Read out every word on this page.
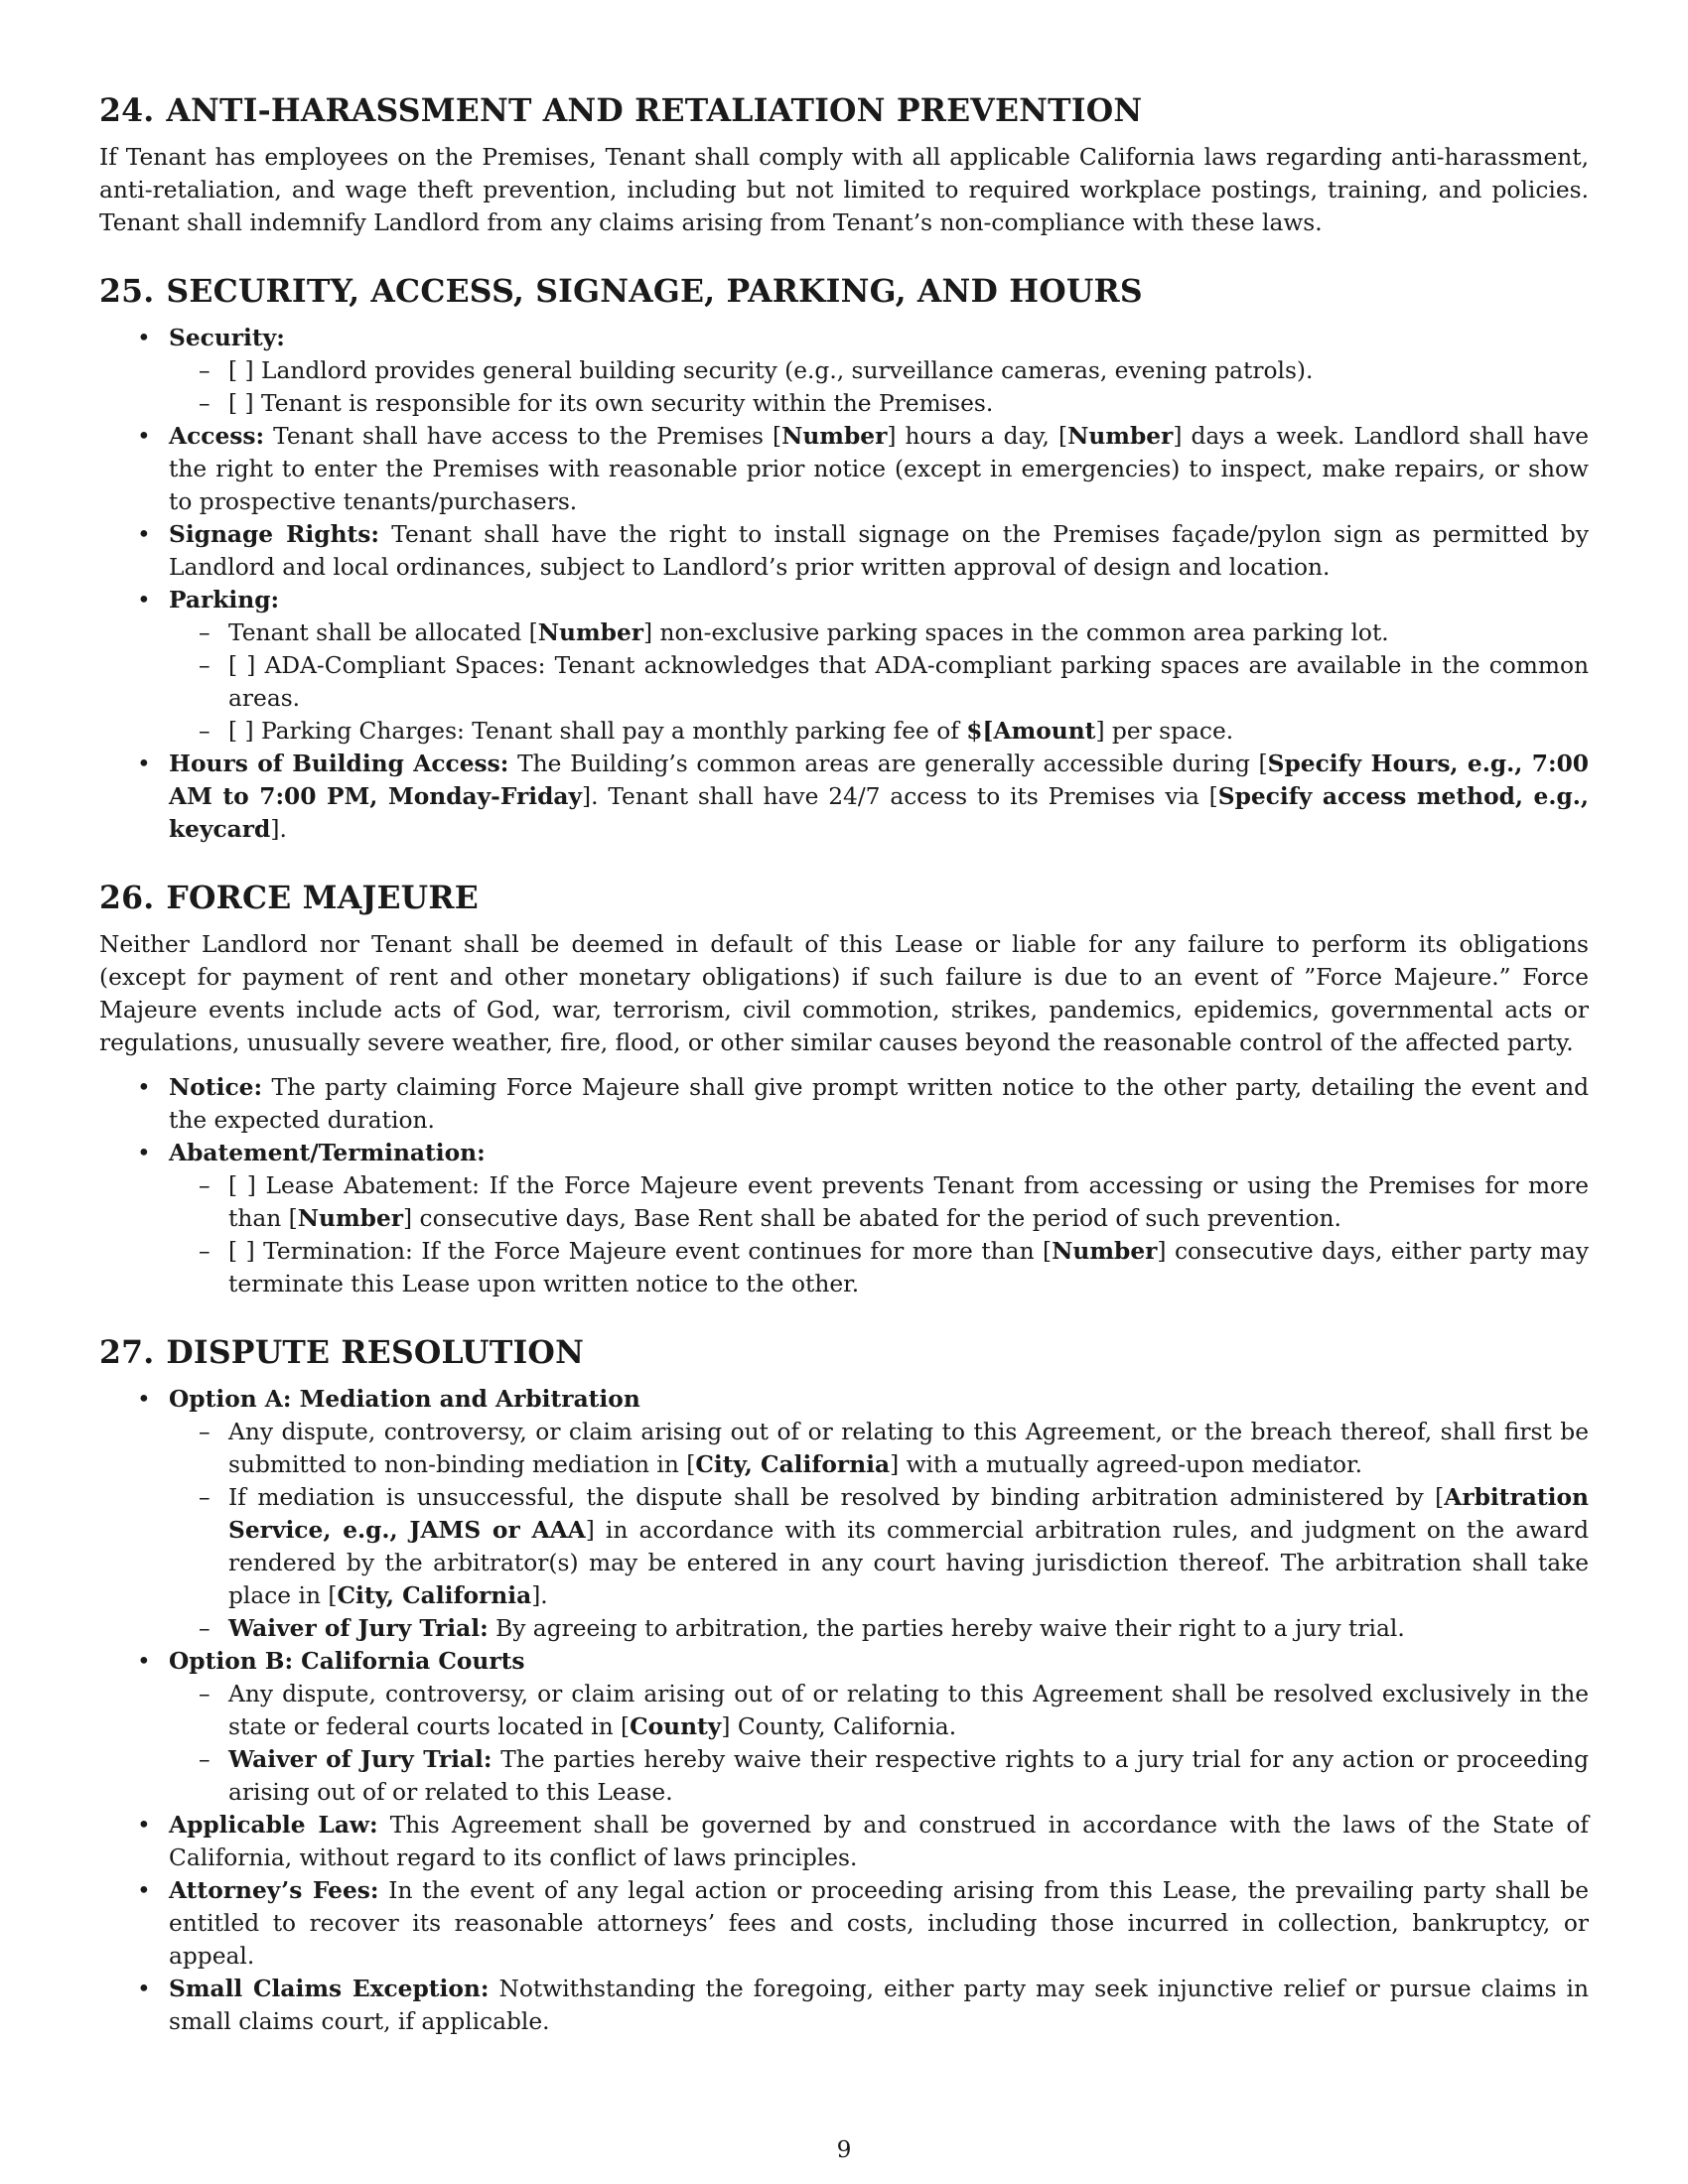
24. ANTI-HARASSMENT AND RETALIATION PREVENTION

If Tenant has employees on the Premises, Tenant shall comply with all applicable California laws regarding anti-harassment, anti-retaliation, and wage theft prevention, including but not limited to required workplace postings, training, and policies. Tenant shall indemnify Landlord from any claims arising from Tenant’s non-compliance with these laws.

25. SECURITY, ACCESS, SIGNAGE, PARKING, AND HOURS
• Security:
– [ ] Landlord provides general building security (e.g., surveillance cameras, evening patrols).
– [ ] Tenant is responsible for its own security within the Premises.
• Access: Tenant shall have access to the Premises [Number] hours a day, [Number] days a week. Landlord shall have the right to enter the Premises with reasonable prior notice (except in emergencies) to inspect, make repairs, or show to prospective tenants/purchasers.
• Signage Rights: Tenant shall have the right to install signage on the Premises façade/pylon sign as permitted by Landlord and local ordinances, subject to Landlord’s prior written approval of design and location.
• Parking:
– Tenant shall be allocated [Number] non-exclusive parking spaces in the common area parking lot.
– [ ] ADA-Compliant Spaces: Tenant acknowledges that ADA-compliant parking spaces are available in the common areas.
– [ ] Parking Charges: Tenant shall pay a monthly parking fee of $[Amount] per space.
• Hours of Building Access: The Building’s common areas are generally accessible during [Specify Hours, e.g., 7:00 AM to 7:00 PM, Monday-Friday]. Tenant shall have 24/7 access to its Premises via [Specify access method, e.g., keycard].
26. FORCE MAJEURE

Neither Landlord nor Tenant shall be deemed in default of this Lease or liable for any failure to perform its obligations (except for payment of rent and other monetary obligations) if such failure is due to an event of ”Force Majeure.” Force Majeure events include acts of God, war, terrorism, civil commotion, strikes, pandemics, epidemics, governmental acts or regulations, unusually severe weather, fire, flood, or other similar causes beyond the reasonable control of the affected party.

• Notice: The party claiming Force Majeure shall give prompt written notice to the other party, detailing the event and the expected duration.
• Abatement/Termination:
– [ ] Lease Abatement: If the Force Majeure event prevents Tenant from accessing or using the Premises for more than [Number] consecutive days, Base Rent shall be abated for the period of such prevention.
– [ ] Termination: If the Force Majeure event continues for more than [Number] consecutive days, either party may terminate this Lease upon written notice to the other.
27. DISPUTE RESOLUTION
• Option A: Mediation and Arbitration
– Any dispute, controversy, or claim arising out of or relating to this Agreement, or the breach thereof, shall first be submitted to non-binding mediation in [City, California] with a mutually agreed-upon mediator.
– If mediation is unsuccessful, the dispute shall be resolved by binding arbitration administered by [Arbitration Service, e.g., JAMS or AAA] in accordance with its commercial arbitration rules, and judgment on the award rendered by the arbitrator(s) may be entered in any court having jurisdiction thereof. The arbitration shall take place in [City, California].
– Waiver of Jury Trial: By agreeing to arbitration, the parties hereby waive their right to a jury trial.
• Option B: California Courts
– Any dispute, controversy, or claim arising out of or relating to this Agreement shall be resolved exclusively in the state or federal courts located in [County] County, California.
– Waiver of Jury Trial: The parties hereby waive their respective rights to a jury trial for any action or proceeding arising out of or related to this Lease.
• Applicable Law: This Agreement shall be governed by and construed in accordance with the laws of the State of California, without regard to its conflict of laws principles.
• Attorney’s Fees: In the event of any legal action or proceeding arising from this Lease, the prevailing party shall be entitled to recover its reasonable attorneys’ fees and costs, including those incurred in collection, bankruptcy, or appeal.
• Small Claims Exception: Notwithstanding the foregoing, either party may seek injunctive relief or pursue claims in small claims court, if applicable.
9
